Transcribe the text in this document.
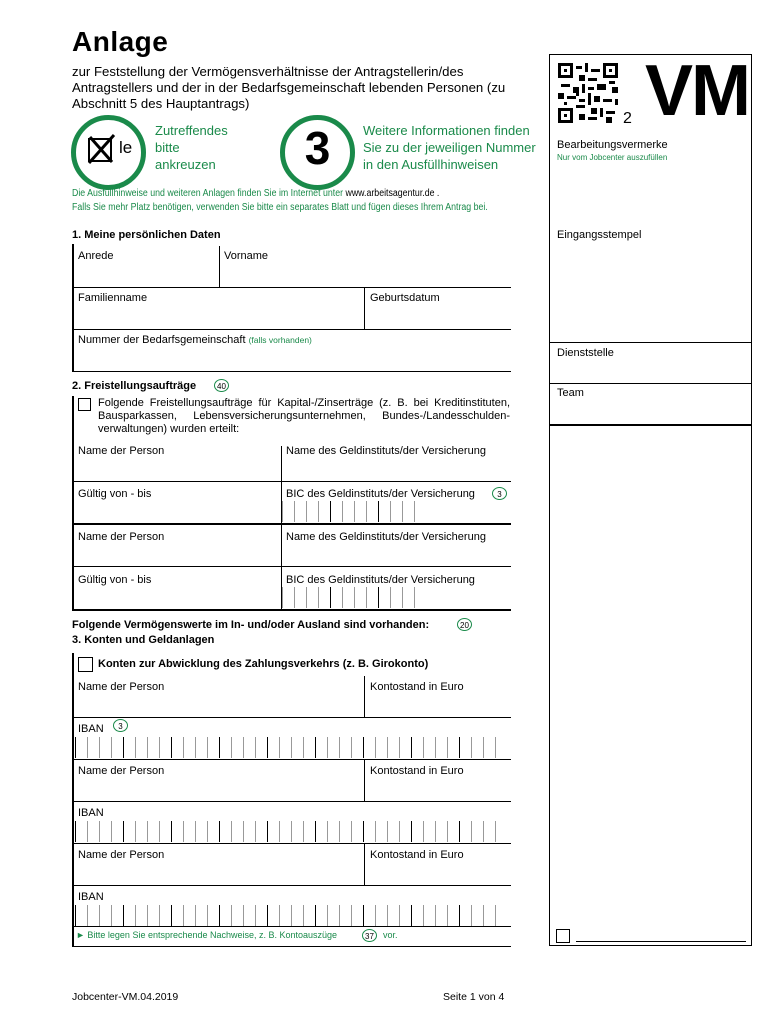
Anlage
zur Feststellung der Vermögensverhältnisse der Antragstellerin/des Antragstellers und der in der Bedarfsgemeinschaft lebenden Personen (zu Abschnitt 5 des Hauptantrags)
le
Zutreffendes
bitte
ankreuzen	3	Weitere Informationen finden
Sie zu der jeweiligen Nummer
in den Ausfüllhinweisen
Die Ausfüllhinweise und weiteren Anlagen finden Sie im Internet unter www.arbeitsagentur.de .
Falls Sie mehr Platz benötigen, verwenden Sie bitte ein separates Blatt und fügen dieses Ihrem Antrag bei.
2 VM
Bearbeitungsvermerke
Nur vom Jobcenter auszufüllen
Eingangsstempel
Dienststelle
Team
1. Meine persönlichen Daten
Anrede	Vorname
Familienname	Geburtsdatum
Nummer der Bedarfsgemeinschaft (falls vorhanden)
2. Freistellungsaufträge	40
Folgende Freistellungsaufträge für Kapital-/Zinserträge (z. B. bei Kreditinstituten, Bausparkassen, Lebensversicherungsunternehmen, Bundes-/Landesschulden-verwaltungen) wurden erteilt:
Name der Person	Name des Geldinstituts/der Versicherung
Gültig von - bis	BIC des Geldinstituts/der Versicherung	3
Name der Person	Name des Geldinstituts/der Versicherung
Gültig von - bis	BIC des Geldinstituts/der Versicherung
Folgende Vermögenswerte im In- und/oder Ausland sind vorhanden:	20
3. Konten und Geldanlagen
Konten zur Abwicklung des Zahlungsverkehrs (z. B. Girokonto)
Name der Person	Kontostand in Euro
IBAN	3
Name der Person	Kontostand in Euro
IBAN
Name der Person	Kontostand in Euro
IBAN
► Bitte legen Sie entsprechende Nachweise, z. B. Kontoauszüge	37	vor.
Jobcenter-VM.04.2019	Seite 1 von 4
